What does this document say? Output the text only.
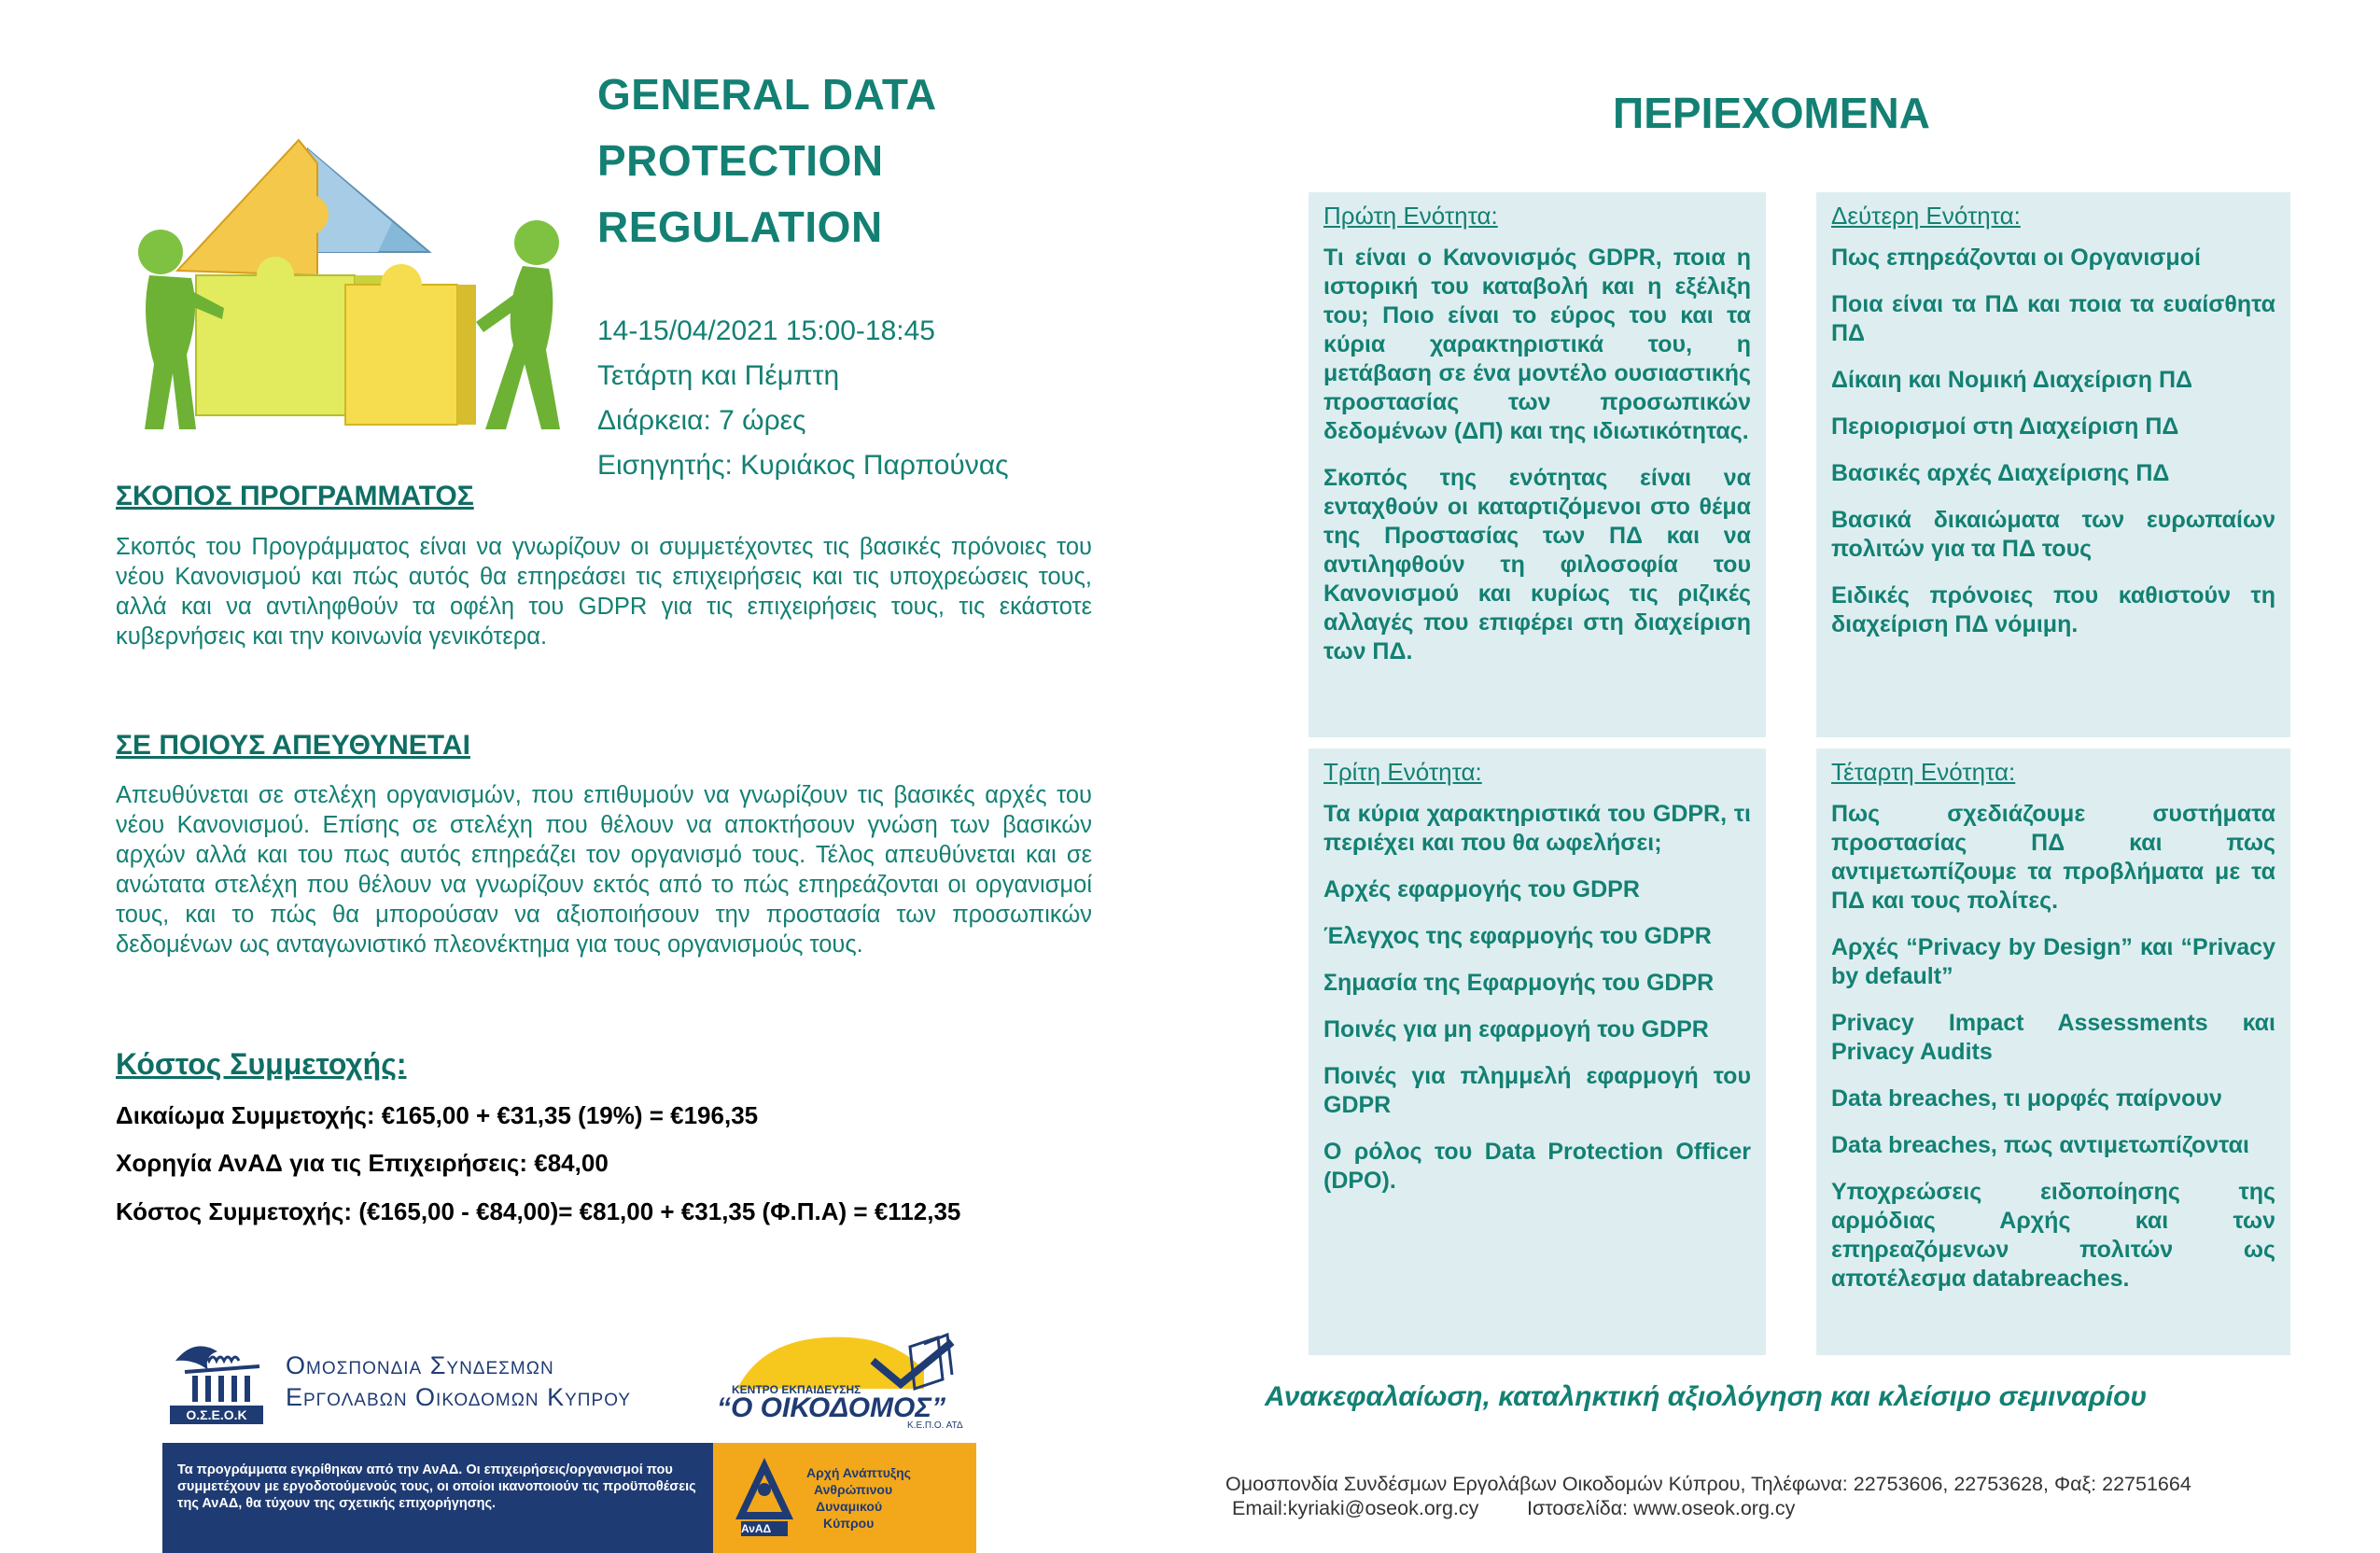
GENERAL DATA
PROTECTION
REGULATION
14-15/04/2021 15:00-18:45
Τετάρτη και Πέμπτη
Διάρκεια: 7 ώρες
Εισηγητής: Κυριάκος Παρπούνας
ΣΚΟΠΟΣ ΠΡΟΓΡΑΜΜΑΤΟΣ
Σκοπός του Προγράμματος είναι να γνωρίζουν οι συμμετέχοντες τις βασικές πρόνοιες του νέου Κανονισμού και πώς αυτός θα επηρεάσει τις επιχειρήσεις και τις υποχρεώσεις τους, αλλά και να αντιληφθούν τα οφέλη του GDPR για τις επιχειρήσεις τους, τις εκάστοτε κυβερνήσεις και την κοινωνία γενικότερα.
ΣΕ ΠΟΙΟΥΣ ΑΠΕΥΘΥΝΕΤΑΙ
Απευθύνεται σε στελέχη οργανισμών, που επιθυμούν να γνωρίζουν τις βασικές αρχές του νέου Κανονισμού. Επίσης σε στελέχη που θέλουν να αποκτήσουν γνώση των βασικών αρχών αλλά και του πως αυτός επηρεάζει τον οργανισμό τους. Τέλος απευθύνεται και σε ανώτατα στελέχη που θέλουν να γνωρίζουν εκτός από το πώς επηρεάζονται οι οργανισμοί τους, και το πώς θα μπορούσαν να αξιοποιήσουν την προστασία των προσωπικών δεδομένων ως ανταγωνιστικό πλεονέκτημα για τους οργανισμούς τους.
Κόστος Συμμετοχής:
Δικαίωμα Συμμετοχής: €165,00 + €31,35 (19%) = €196,35
Χορηγία ΑνΑΔ για τις Επιχειρήσεις: €84,00
Κόστος Συμμετοχής: (€165,00 - €84,00)= €81,00 + €31,35 (Φ.Π.Α) = €112,35
Ο.Σ.Ε.Ο.Κ
Ομοσπονδια Συνδεσμων
Εργολαβων Οικοδομων Κυπρου	ΚΕΝΤΡΟ ΕΚΠΑΙΔΕΥΣΗΣ
“Ο ΟΙΚΟΔΟΜΟΣ”
Κ.Ε.Π.Ο. ΑΤΔ
Τα προγράμματα εγκρίθηκαν από την ΑνΑΔ. Οι επιχειρήσεις/οργανισμοί που συμμετέχουν με εργοδοτούμενούς τους, οι οποίοι ικανοποιούν τις προϋποθέσεις της ΑνΑΔ, θα τύχουν της σχετικής επιχορήγησης.
ΑνΑΔ
Αρχή Ανάπτυξης
Ανθρώπινου
Δυναμικού
Κύπρου
ΠΕΡΙΕΧΟΜΕΝΑ
Πρώτη Ενότητα:
Τι είναι ο Κανονισμός GDPR, ποια η ιστορική του καταβολή και η εξέλιξη του; Ποιο είναι το εύρος του και τα κύρια χαρακτηριστικά του, η μετάβαση σε ένα μοντέλο ουσιαστικής προστασίας των προσωπικών δεδομένων (ΔΠ) και της ιδιωτικότητας.
Σκοπός της ενότητας είναι να ενταχθούν οι καταρτιζόμενοι στο θέμα της Προστασίας των ΠΔ και να αντιληφθούν τη φιλοσοφία του Κανονισμού και κυρίως τις ριζικές αλλαγές που επιφέρει στη διαχείριση των ΠΔ.
Δεύτερη Ενότητα:
Πως επηρεάζονται οι Οργανισμοί
Ποια είναι τα ΠΔ και ποια τα ευαίσθητα ΠΔ
Δίκαιη και Νομική Διαχείριση ΠΔ
Περιορισμοί στη Διαχείριση ΠΔ
Βασικές αρχές Διαχείρισης ΠΔ
Βασικά δικαιώματα των ευρωπαίων πολιτών για τα ΠΔ τους
Ειδικές πρόνοιες που καθιστούν τη διαχείριση ΠΔ νόμιμη.
Τρίτη Ενότητα:
Τα κύρια χαρακτηριστικά του GDPR, τι περιέχει και που θα ωφελήσει;
Αρχές εφαρμογής του GDPR
Έλεγχος της εφαρμογής του GDPR
Σημασία της Εφαρμογής του GDPR
Ποινές για μη εφαρμογή του GDPR
Ποινές για πλημμελή εφαρμογή του GDPR
Ο ρόλος του Data Protection Officer (DPO).
Τέταρτη Ενότητα:
Πως σχεδιάζουμε συστήματα προστασίας ΠΔ και πως αντιμετωπίζουμε τα προβλήματα με τα ΠΔ και τους πολίτες.
Αρχές “Privacy by Design” και “Privacy by default”
Privacy Impact Assessments και Privacy Audits
Data breaches, τι μορφές παίρνουν
Data breaches, πως αντιμετωπίζονται
Υποχρεώσεις ειδοποίησης της αρμόδιας Αρχής και των επηρεαζόμενων πολιτών ως αποτέλεσμα databreaches.
Ανακεφαλαίωση, καταληκτική αξιολόγηση και κλείσιμο σεμιναρίου
Ομοσπονδία Συνδέσμων Εργολάβων Οικοδομών Κύπρου, Τηλέφωνα: 22753606, 22753628, Φαξ: 22751664
Email:kyriaki@oseok.org.cy Ιστοσελίδα: www.oseok.org.cy
